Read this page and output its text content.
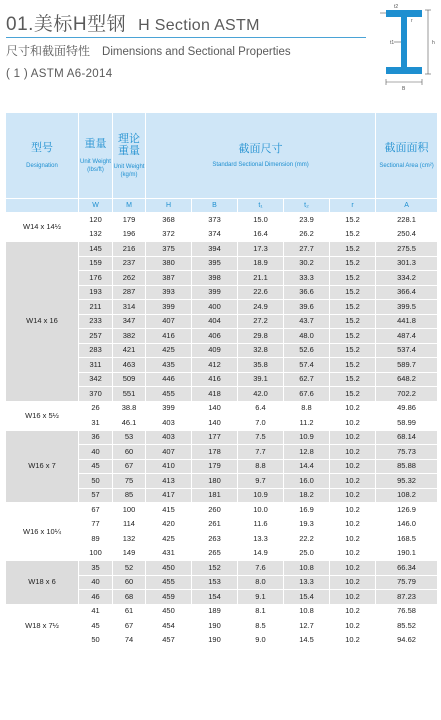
01.美标H型钢 H Section ASTM
尺寸和截面特性 Dimensions and Sectional Properties
( 1 ) ASTM A6-2014
t2
r
t1	h
B
型号
Designation	重量
Unit Weight (lbs/ft)	理论重量
Unit Weight (kg/m)	截面尺寸
Standard Sectional Dimension (mm)					截面面积
Sectional Area (cm²)

	W	M	H	B	t₁	t₂	r	A
W14 x 14½	120	179	368	373	15.0	23.9	15.2	228.1
	132	196	372	374	16.4	26.2	15.2	250.4
W14 x 16	145	216	375	394	17.3	27.7	15.2	275.5
	159	237	380	395	18.9	30.2	15.2	301.3
	176	262	387	398	21.1	33.3	15.2	334.2
	193	287	393	399	22.6	36.6	15.2	366.4
	211	314	399	400	24.9	39.6	15.2	399.5
	233	347	407	404	27.2	43.7	15.2	441.8
	257	382	416	406	29.8	48.0	15.2	487.4
	283	421	425	409	32.8	52.6	15.2	537.4
	311	463	435	412	35.8	57.4	15.2	589.7
	342	509	446	416	39.1	62.7	15.2	648.2
	370	551	455	418	42.0	67.6	15.2	702.2
W16 x 5½	26	38.8	399	140	6.4	8.8	10.2	49.86
	31	46.1	403	140	7.0	11.2	10.2	58.99
W16 x 7	36	53	403	177	7.5	10.9	10.2	68.14
	40	60	407	178	7.7	12.8	10.2	75.73
	45	67	410	179	8.8	14.4	10.2	85.88
	50	75	413	180	9.7	16.0	10.2	95.32
	57	85	417	181	10.9	18.2	10.2	108.2
W16 x 10¼	67	100	415	260	10.0	16.9	10.2	126.9
	77	114	420	261	11.6	19.3	10.2	146.0
	89	132	425	263	13.3	22.2	10.2	168.5
	100	149	431	265	14.9	25.0	10.2	190.1
W18 x 6	35	52	450	152	7.6	10.8	10.2	66.34
	40	60	455	153	8.0	13.3	10.2	75.79
	46	68	459	154	9.1	15.4	10.2	87.23
W18 x 7½	41	61	450	189	8.1	10.8	10.2	76.58
	45	67	454	190	8.5	12.7	10.2	85.52
	50	74	457	190	9.0	14.5	10.2	94.62
